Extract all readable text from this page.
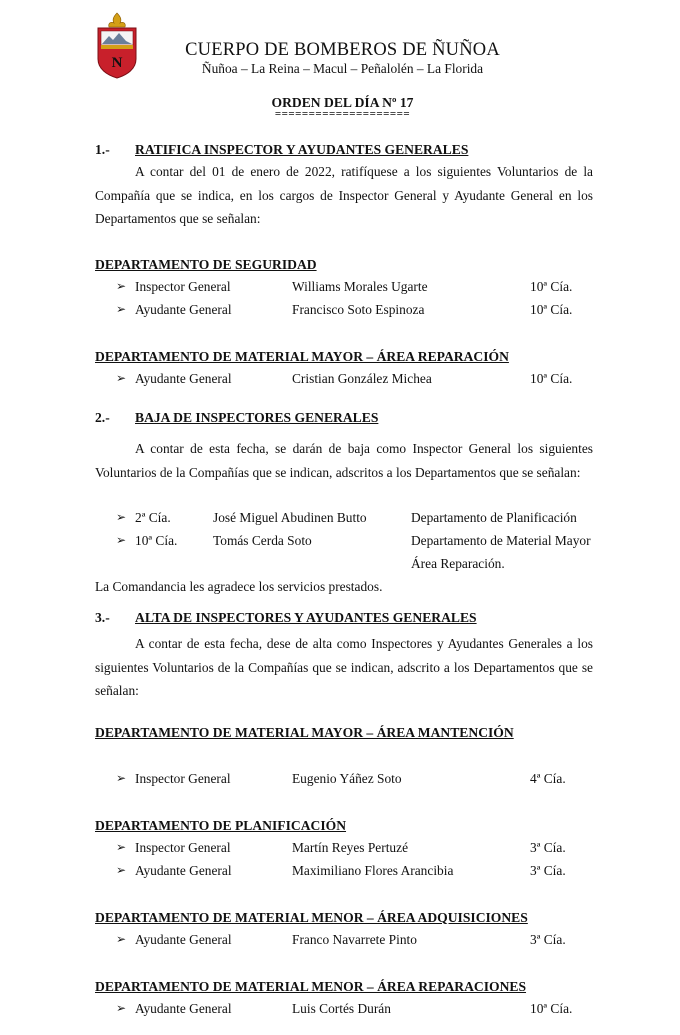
N
CUERPO DE BOMBEROS DE ÑUÑOA
Ñuñoa – La Reina – Macul – Peñalolén – La Florida
ORDEN DEL DÍA Nº 17
====================
1.- RATIFICA INSPECTOR Y AYUDANTES GENERALES
A contar del 01 de enero de 2022, ratifíquese a los siguientes Voluntarios de la Compañía que se indica, en los cargos de Inspector General y Ayudante General en los Departamentos que se señalan:
DEPARTAMENTO DE SEGURIDAD
➢ Inspector General	Williams Morales Ugarte	10ª Cía.
➢ Ayudante General	Francisco Soto Espinoza	10ª Cía.
DEPARTAMENTO DE MATERIAL MAYOR – ÁREA REPARACIÓN
➢ Ayudante General	Cristian González Michea	10ª Cía.
2.- BAJA DE INSPECTORES GENERALES
A contar de esta fecha, se darán de baja como Inspector General los siguientes Voluntarios de la Compañías que se indican, adscritos a los Departamentos que se señalan:
➢ 2ª Cía.	José Miguel Abudinen Butto	Departamento de Planificación
➢ 10ª Cía.	Tomás Cerda Soto	Departamento de Material Mayor
Área Reparación.
La Comandancia les agradece los servicios prestados.
3.- ALTA DE INSPECTORES Y AYUDANTES GENERALES
A contar de esta fecha, dese de alta como Inspectores y Ayudantes Generales a los siguientes Voluntarios de la Compañías que se indican, adscrito a los Departamentos que se señalan:
DEPARTAMENTO DE MATERIAL MAYOR – ÁREA MANTENCIÓN
➢ Inspector General	Eugenio Yáñez Soto	4ª Cía.
DEPARTAMENTO DE PLANIFICACIÓN
➢ Inspector General	Martín Reyes Pertuzé	3ª Cía.
➢ Ayudante General	Maximiliano Flores Arancibia	3ª Cía.
DEPARTAMENTO DE MATERIAL MENOR – ÁREA ADQUISICIONES
➢ Ayudante General	Franco Navarrete Pinto	3ª Cía.
DEPARTAMENTO DE MATERIAL MENOR – ÁREA REPARACIONES
➢ Ayudante General	Luis Cortés Durán	10ª Cía.
